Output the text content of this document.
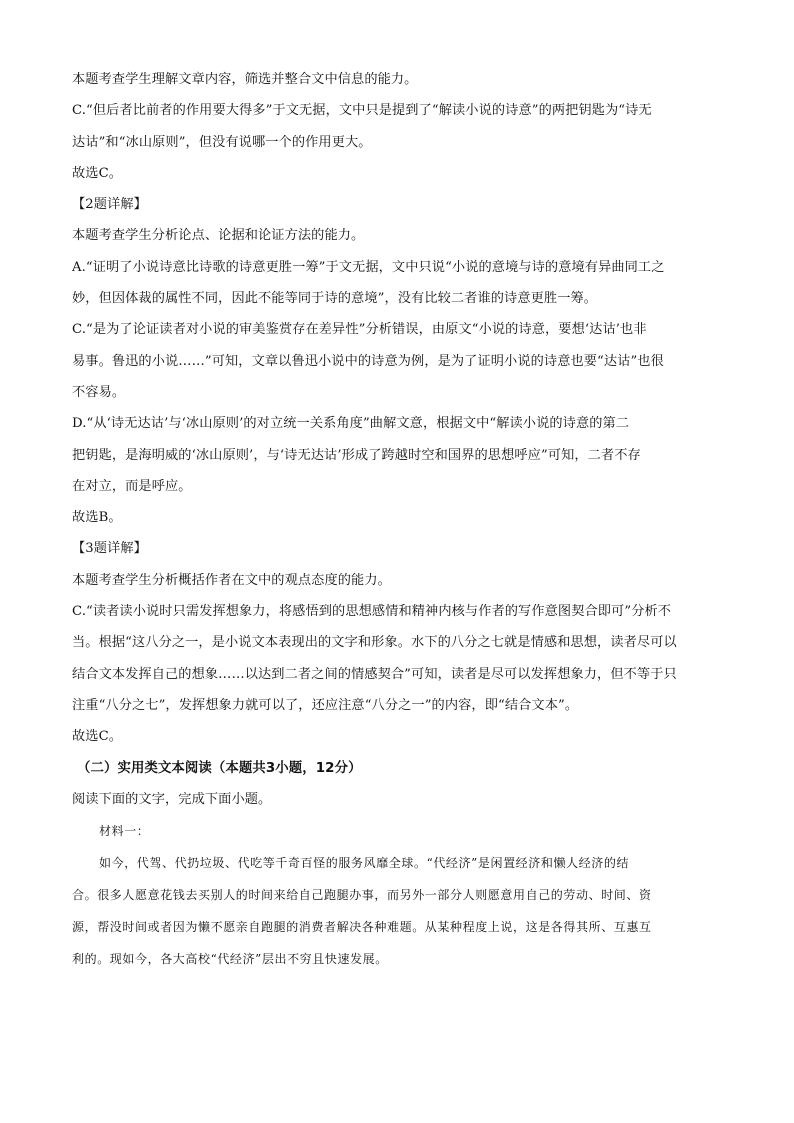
本题考查学生理解文章内容，筛选并整合文中信息的能力。
C.“但后者比前者的作用要大得多”于文无据，文中只是提到了“解读小说的诗意”的两把钥匙为“诗无
达诂”和“冰山原则”，但没有说哪一个的作用更大。
故选C。
【2题详解】
本题考查学生分析论点、论据和论证方法的能力。
A.“证明了小说诗意比诗歌的诗意更胜一筹”于文无据，文中只说“小说的意境与诗的意境有异曲同工之
妙，但因体裁的属性不同，因此不能等同于诗的意境”，没有比较二者谁的诗意更胜一筹。
C.“是为了论证读者对小说的审美鉴赏存在差异性”分析错误，由原文“小说的诗意，要想‘达诂’也非
易事。鲁迅的小说……”可知，文章以鲁迅小说中的诗意为例，是为了证明小说的诗意也要“达诂”也很
不容易。
D.“从‘诗无达诂’与‘冰山原则’的对立统一关系角度”曲解文意，根据文中“解读小说的诗意的第二
把钥匙，是海明威的‘冰山原则’，与‘诗无达诂’形成了跨越时空和国界的思想呼应”可知，二者不存
在对立，而是呼应。
故选B。
【3题详解】
本题考查学生分析概括作者在文中的观点态度的能力。
C.“读者读小说时只需发挥想象力，将感悟到的思想感情和精神内核与作者的写作意图契合即可”分析不
当。根据“这八分之一，是小说文本表现出的文字和形象。水下的八分之七就是情感和思想，读者尽可以
结合文本发挥自己的想象……以达到二者之间的情感契合”可知，读者是尽可以发挥想象力，但不等于只
注重“八分之七”，发挥想象力就可以了，还应注意“八分之一”的内容，即“结合文本”。
故选C。
（二）实用类文本阅读（本题共3小题，12分）
阅读下面的文字，完成下面小题。
材料一：
如今，代驾、代扔垃圾、代吃等千奇百怪的服务风靡全球。“代经济”是闲置经济和懒人经济的结
合。很多人愿意花钱去买别人的时间来给自己跑腿办事，而另外一部分人则愿意用自己的劳动、时间、资
源，帮没时间或者因为懒不愿亲自跑腿的消费者解决各种难题。从某种程度上说，这是各得其所、互惠互
利的。现如今，各大高校“代经济”层出不穷且快速发展。
